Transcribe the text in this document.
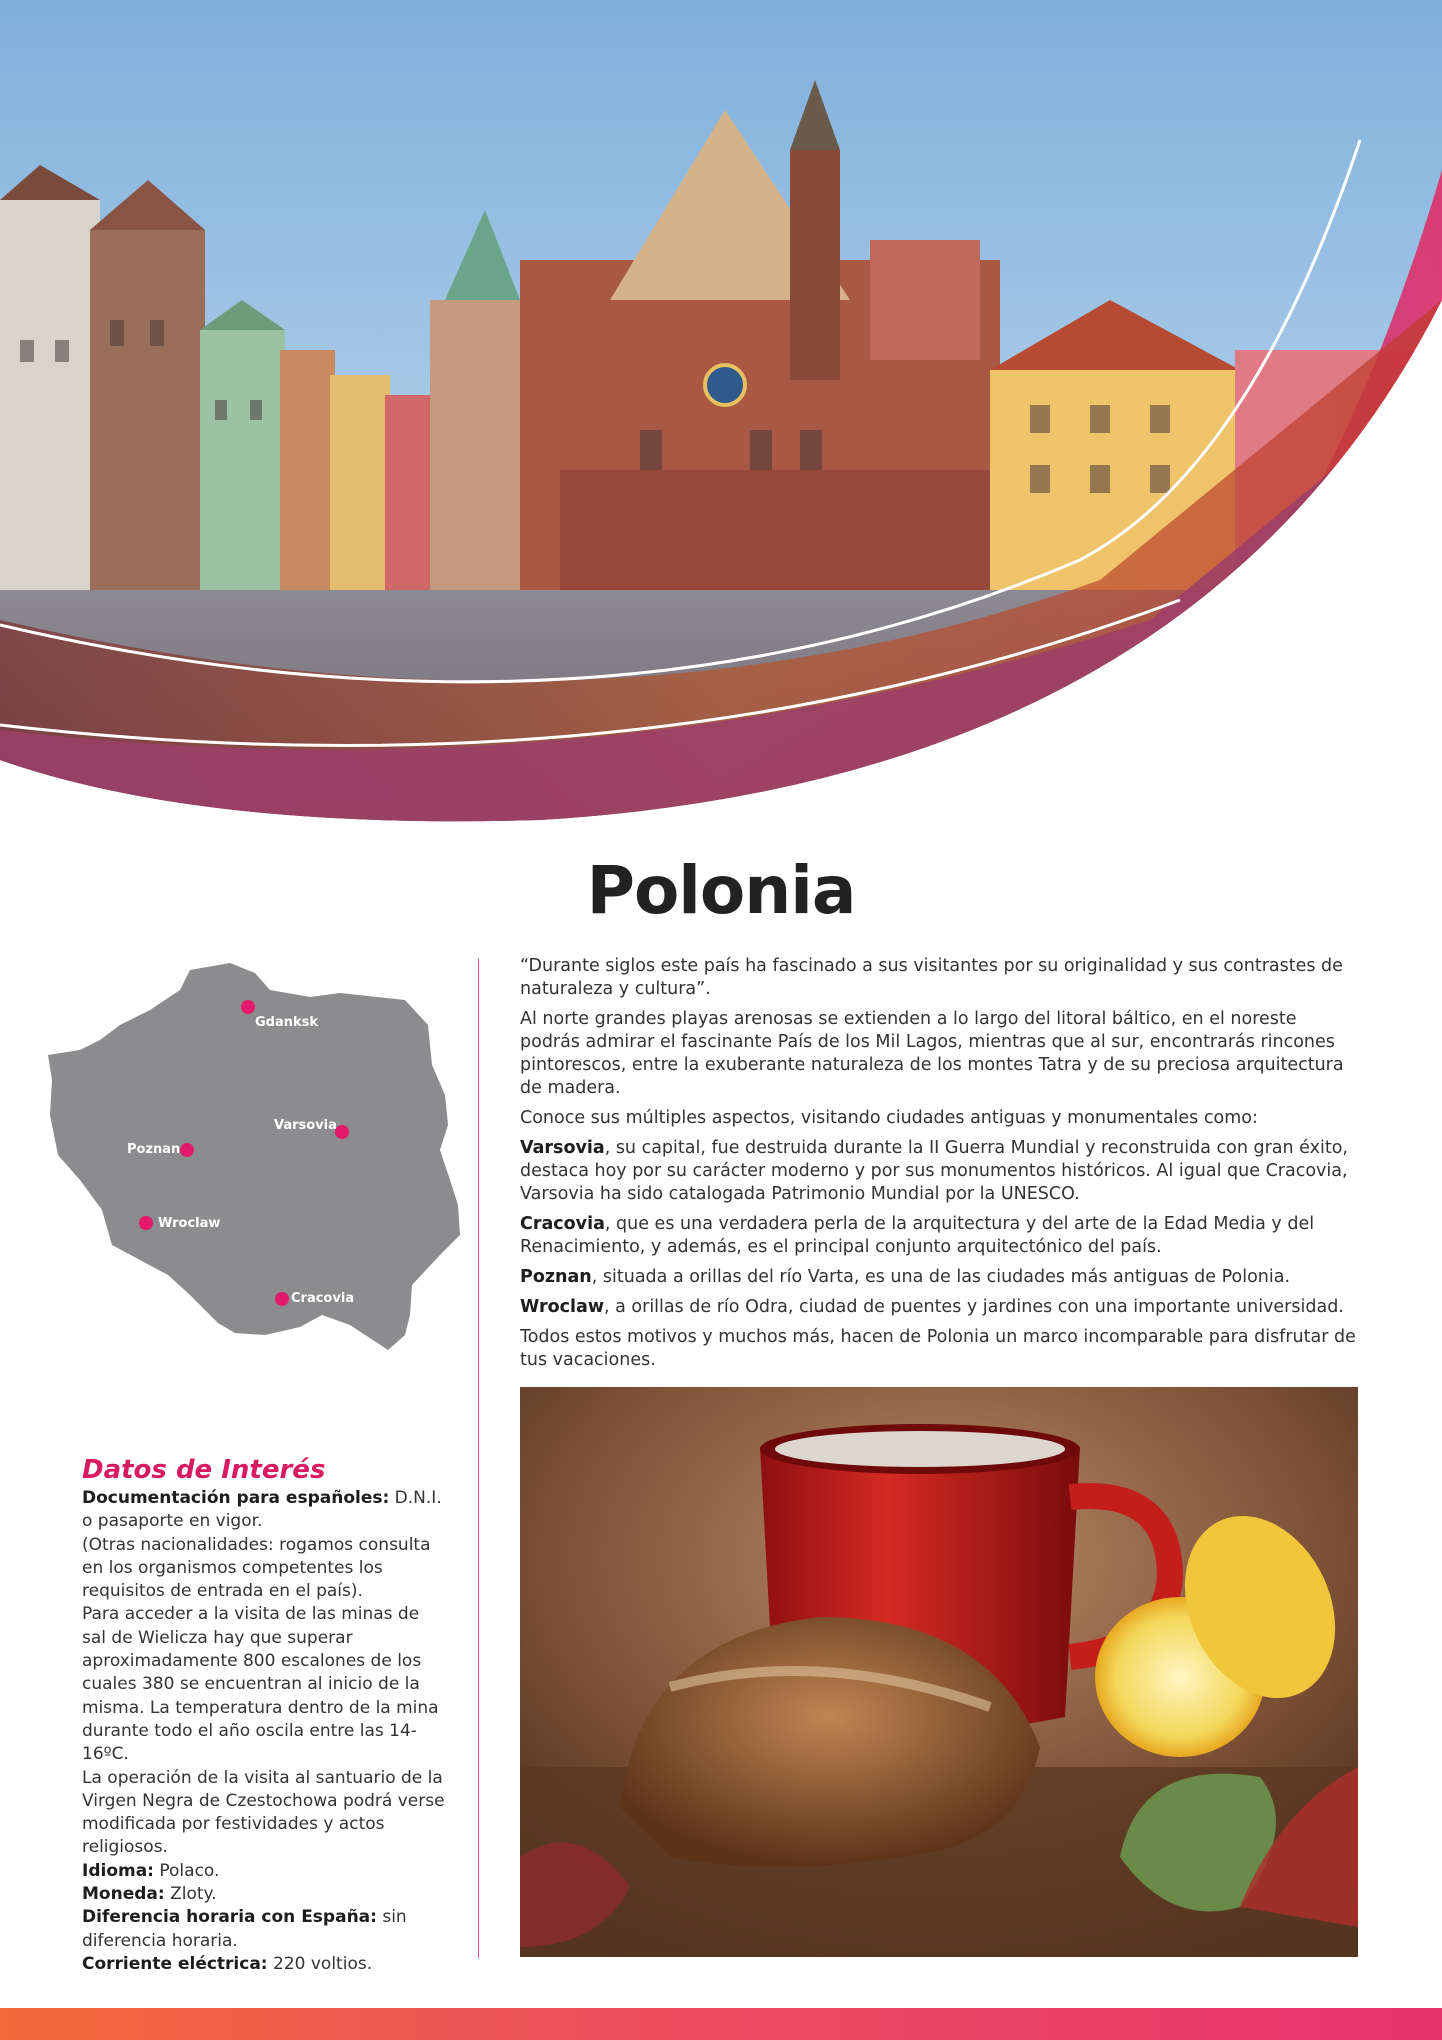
Polonia
Gdanksk
Varsovia
Poznan
Wroclaw
Cracovia

“Durante siglos este país ha fascinado a sus visitantes por su originalidad y sus contrastes de naturaleza y cultura”.

Al norte grandes playas arenosas se extienden a lo largo del litoral báltico, en el noreste podrás admirar el fascinante País de los Mil Lagos, mientras que al sur, encontrarás rincones pintorescos, entre la exuberante naturaleza de los montes Tatra y de su preciosa arquitectura de madera.

Conoce sus múltiples aspectos, visitando ciudades antiguas y monumentales como:

Varsovia, su capital, fue destruida durante la II Guerra Mundial y reconstruida con gran éxito, destaca hoy por su carácter moderno y por sus monumentos históricos. Al igual que Cracovia, Varsovia ha sido catalogada Patrimonio Mundial por la UNESCO.

Cracovia, que es una verdadera perla de la arquitectura y del arte de la Edad Media y del Renacimiento, y además, es el principal conjunto arquitectónico del país.

Poznan, situada a orillas del río Varta, es una de las ciudades más antiguas de Polonia.

Wroclaw, a orillas de río Odra, ciudad de puentes y jardines con una importante universidad.

Todos estos motivos y muchos más, hacen de Polonia un marco incomparable para disfrutar de tus vacaciones.

Datos de Interés

Documentación para españoles: D.N.I. o pasaporte en vigor.

(Otras nacionalidades: rogamos consulta en los organismos competentes los requisitos de entrada en el país).

Para acceder a la visita de las minas de sal de Wielicza hay que superar aproximadamente 800 escalones de los cuales 380 se encuentran al inicio de la misma. La temperatura dentro de la mina durante todo el año oscila entre las 14-16ºC.

La operación de la visita al santuario de la Virgen Negra de Czestochowa podrá verse modificada por festividades y actos religiosos.

Idioma: Polaco.

Moneda: Zloty.

Diferencia horaria con España: sin diferencia horaria.

Corriente eléctrica: 220 voltios.
